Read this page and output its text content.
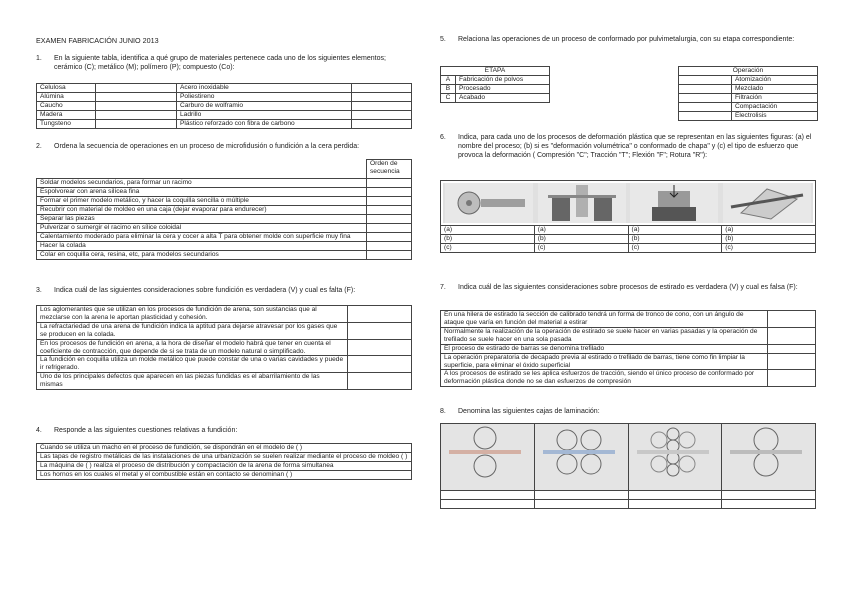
EXAMEN FABRICACIÓN JUNIO 2013
1. En la siguiente tabla, identifica a qué grupo de materiales pertenece cada uno de los siguientes elementos; cerámico (C); metálico (M); polímero (P); compuesto (Co):
Celulosa		Acero inoxidable	
Alúmina		Poliestireno	
Caucho		Carburo de wolframio	
Madera		Ladrillo	
Tungsteno		Plástico reforzado con fibra de carbono	
2. Ordena la secuencia de operaciones en un proceso de microfidusión o fundición a la cera perdida:
	Orden de secuencia
Soldar modelos secundarios, para formar un racimo	
Espolvorear con arena silícea fina	
Formar el primer modelo metálico, y hacer la coquilla sencilla o múltiple	
Recubrir con material de moldeo en una caja (dejar evaporar para endurecer)	
Separar las piezas	
Pulverizar o sumergir el racimo en sílice coloidal	
Calentamiento moderado para eliminar la cera y cocer a alta T para obtener molde con superficie muy fina	
Hacer la colada	
Colar en coquilla cera, resina, etc, para modelos secundarios	
3. Indica cuál de las siguientes consideraciones sobre fundición es verdadera (V) y cual es falta (F):
Los aglomerantes que se utilizan en los procesos de fundición de arena, son sustancias que al mezclarse con la arena le aportan plasticidad y cohesión.	
La refractariedad de una arena de fundición indica la aptitud para dejarse atravesar por los gases que se producen en la colada.	
En los procesos de fundición en arena, a la hora de diseñar el modelo habrá que tener en cuenta el coeficiente de contracción, que depende de si se trata de un modelo natural o simplificado.	
La fundición en coquilla utiliza un molde metálico que puede constar de una o varias cavidades y puede ir refrigerado.	
Uno de los principales defectos que aparecen en las piezas fundidas es el abarrilamiento de las mismas	
4. Responde a las siguientes cuestiones relativas a fundición:
Cuando se utiliza un macho en el proceso de fundición, se dispondrán en el modelo de ( )
Las tapas de registro metálicas de las instalaciones de una urbanización se suelen realizar mediante el proceso de moldeo ( )
La máquina de ( ) realiza el proceso de distribución y compactación de la arena de forma simultanea
Los hornos en los cuales el metal y el combustible están en contacto se denominan ( )
5. Relaciona las operaciones de un proceso de conformado por pulvimetalurgia, con su etapa correspondiente:
ETAPA	
A	Fabricación de polvos
B	Procesado
C	Acabado
Operación	
	Atomización
	Mezclado
	Filtración
	Compactación
	Electrolisis
6. Indica, para cada uno de los procesos de deformación plástica que se representan en las siguientes figuras: (a) el nombre del proceso; (b) si es "deformación volumétrica" o conformado de chapa" y (c) el tipo de esfuerzo que provoca la deformación ( Compresión "C"; Tracción "T"; Flexión "F"; Rotura "R"):

(a)	(a)	(a)	(a)
(b)	(b)	(b)	(b)
(c)	(c)	(c)	(c)
7. Indica cuál de las siguientes consideraciones sobre procesos de estirado es verdadera (V) y cual es falsa (F):
En una hilera de estirado la sección de calibrado tendrá un forma de tronco de cono, con un ángulo de ataque que varía en función del material a estirar	
Normalmente la realización de la operación de estirado se suele hacer en varias pasadas y la operación de trefilado se suele hacer en una sola pasada	
El proceso de estirado de barras se denomina trefilado	
La operación preparatoria de decapado previa al estirado o trefilado de barras, tiene como fin limpiar la superficie, para eliminar el óxido superficial	
A los procesos de estirado se les aplica esfuerzos de tracción, siendo el único proceso de conformado por deformación plástica donde no se dan esfuerzos de compresión	
8. Denomina las siguientes cajas de laminación:
